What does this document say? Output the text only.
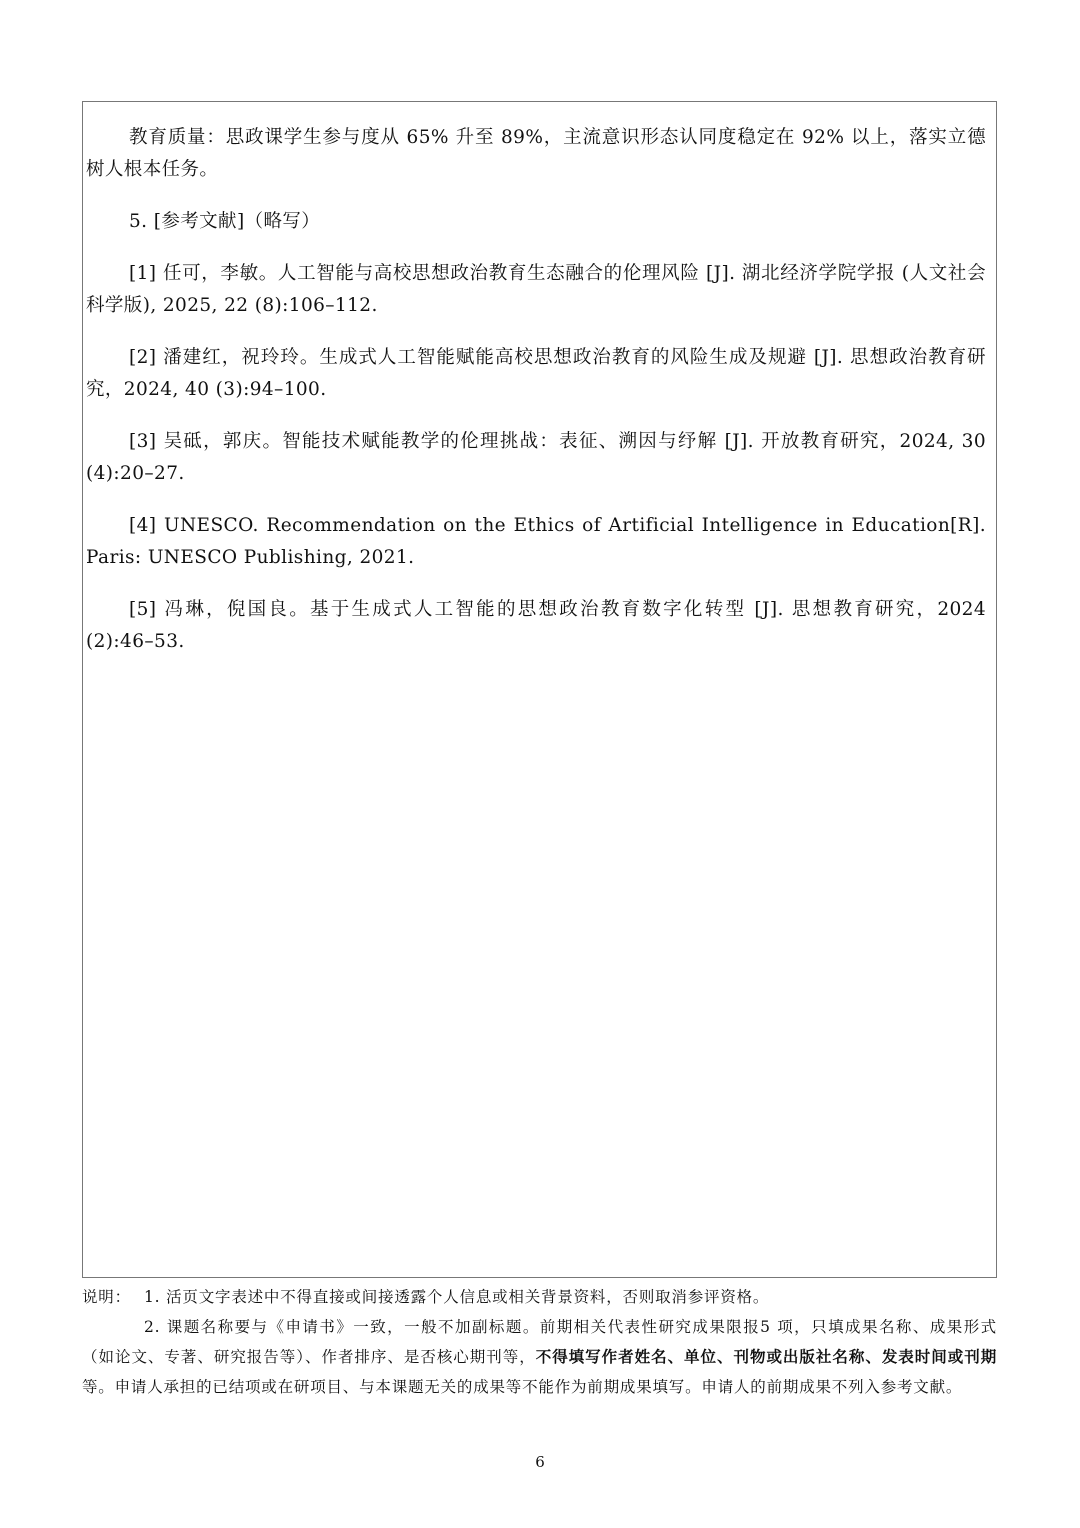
教育质量：思政课学生参与度从 65% 升至 89%，主流意识形态认同度稳定在 92% 以上，落实立德树人根本任务。

5. [参考文献]（略写）

[1] 任可，李敏。人工智能与高校思想政治教育生态融合的伦理风险 [J]. 湖北经济学院学报 (人文社会科学版), 2025, 22 (8):106–112.

[2] 潘建红，祝玲玲。生成式人工智能赋能高校思想政治教育的风险生成及规避 [J]. 思想政治教育研究，2024, 40 (3):94–100.

[3] 吴砥，郭庆。智能技术赋能教学的伦理挑战：表征、溯因与纾解 [J]. 开放教育研究，2024, 30 (4):20–27.

[4] UNESCO. Recommendation on the Ethics of Artificial Intelligence in Education[R]. Paris: UNESCO Publishing, 2021.

[5] 冯琳，倪国良。基于生成式人工智能的思想政治教育数字化转型 [J]. 思想教育研究，2024 (2):46–53.

说明： 1. 活页文字表述中不得直接或间接透露个人信息或相关背景资料，否则取消参评资格。

2. 课题名称要与《申请书》一致，一般不加副标题。前期相关代表性研究成果限报5 项，只填成果名称、成果形式（如论文、专著、研究报告等）、作者排序、是否核心期刊等，不得填写作者姓名、单位、刊物或出版社名称、发表时间或刊期等。申请人承担的已结项或在研项目、与本课题无关的成果等不能作为前期成果填写。申请人的前期成果不列入参考文献。

6
